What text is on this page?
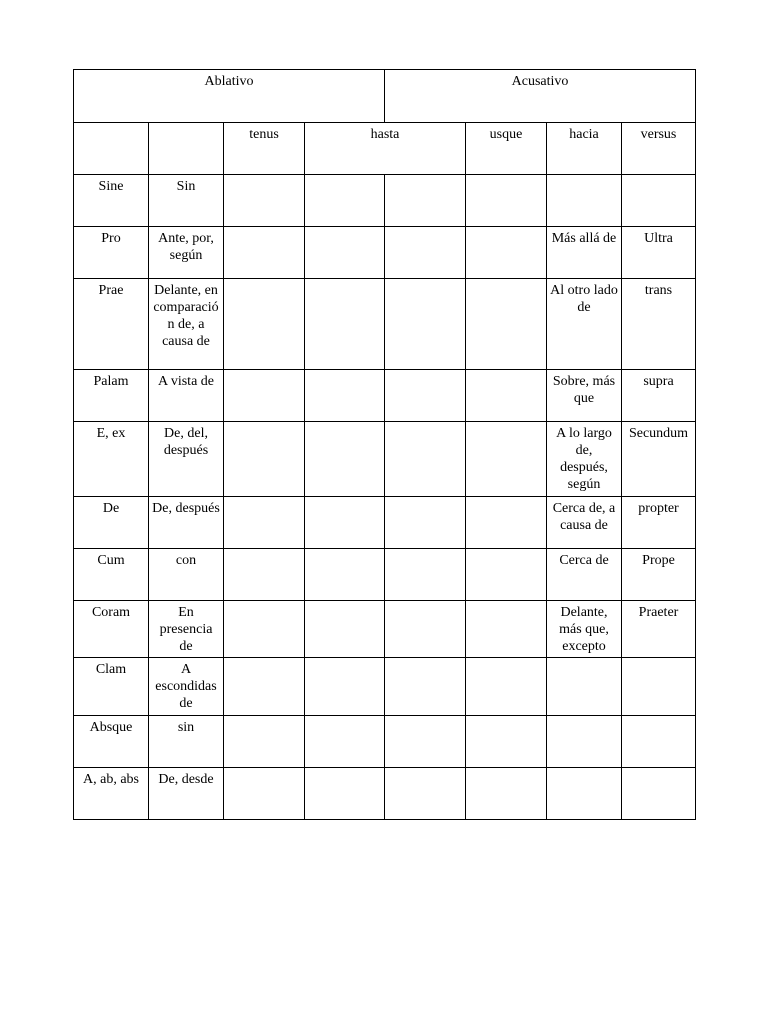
Ablativo				Acusativo			
		tenus	hasta		usque	hacia	versus
Sine	Sin						
Pro	Ante, por, según					Más allá de	Ultra
Prae	Delante, en comparación de, a causa de					Al otro lado de	trans
Palam	A vista de					Sobre, más que	supra
E, ex	De, del, después					A lo largo de, después, según	Secundum
De	De, después					Cerca de, a causa de	propter
Cum	con					Cerca de	Prope
Coram	En presencia de					Delante, más que, excepto	Praeter
Clam	A escondidas de						
Absque	sin						
A, ab, abs	De, desde						
